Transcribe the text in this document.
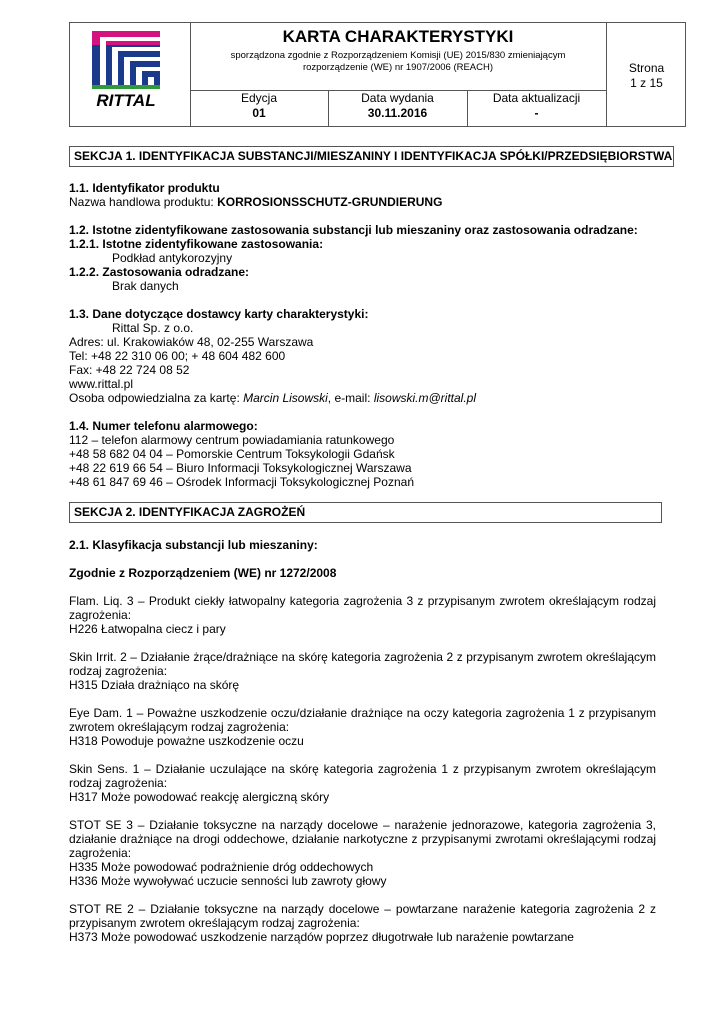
RITTAL
KARTA CHARAKTERYSTYKI
sporządzona zgodnie z Rozporządzeniem Komisji (UE) 2015/830 zmieniającym
rozporządzenie (WE) nr 1907/2006 (REACH)
Edycja
01
Data wydania
30.11.2016
Data aktualizacji
-
Strona
1 z 15
SEKCJA 1. IDENTYFIKACJA SUBSTANCJI/MIESZANINY I IDENTYFIKACJA SPÓŁKI/PRZEDSIĘBIORSTWA
1.1. Identyfikator produktu
Nazwa handlowa produktu: KORROSIONSSCHUTZ-GRUNDIERUNG
1.2. Istotne zidentyfikowane zastosowania substancji lub mieszaniny oraz zastosowania odradzane:
1.2.1. Istotne zidentyfikowane zastosowania:
Podkład antykorozyjny
1.2.2. Zastosowania odradzane:
Brak danych
1.3. Dane dotyczące dostawcy karty charakterystyki:
Rittal Sp. z o.o.
Adres: ul. Krakowiaków 48, 02-255 Warszawa
Tel: +48 22 310 06 00; + 48 604 482 600
Fax: +48 22 724 08 52
www.rittal.pl
Osoba odpowiedzialna za kartę: Marcin Lisowski, e-mail: lisowski.m@rittal.pl
1.4. Numer telefonu alarmowego:
112 – telefon alarmowy centrum powiadamiania ratunkowego
+48 58 682 04 04 – Pomorskie Centrum Toksykologii Gdańsk
+48 22 619 66 54 – Biuro Informacji Toksykologicznej Warszawa
+48 61 847 69 46 – Ośrodek Informacji Toksykologicznej Poznań
SEKCJA 2. IDENTYFIKACJA ZAGROŻEŃ
2.1. Klasyfikacja substancji lub mieszaniny:
Zgodnie z Rozporządzeniem (WE) nr 1272/2008
Flam. Liq. 3 – Produkt ciekły łatwopalny kategoria zagrożenia 3 z przypisanym zwrotem określającym rodzaj zagrożenia:
H226 Łatwopalna ciecz i pary
Skin Irrit. 2 – Działanie żrące/drażniące na skórę kategoria zagrożenia 2 z przypisanym zwrotem określającym rodzaj zagrożenia:
H315 Działa drażniąco na skórę
Eye Dam. 1 – Poważne uszkodzenie oczu/działanie drażniące na oczy kategoria zagrożenia 1 z przypisanym zwrotem określającym rodzaj zagrożenia:
H318 Powoduje poważne uszkodzenie oczu
Skin Sens. 1 – Działanie uczulające na skórę kategoria zagrożenia 1 z przypisanym zwrotem określającym rodzaj zagrożenia:
H317 Może powodować reakcję alergiczną skóry
STOT SE 3 – Działanie toksyczne na narządy docelowe – narażenie jednorazowe, kategoria zagrożenia 3, działanie drażniące na drogi oddechowe, działanie narkotyczne z przypisanymi zwrotami określającymi rodzaj zagrożenia:
H335 Może powodować podrażnienie dróg oddechowych
H336 Może wywoływać uczucie senności lub zawroty głowy
STOT RE 2 – Działanie toksyczne na narządy docelowe – powtarzane narażenie kategoria zagrożenia 2 z przypisanym zwrotem określającym rodzaj zagrożenia:
H373 Może powodować uszkodzenie narządów poprzez długotrwałe lub narażenie powtarzane
